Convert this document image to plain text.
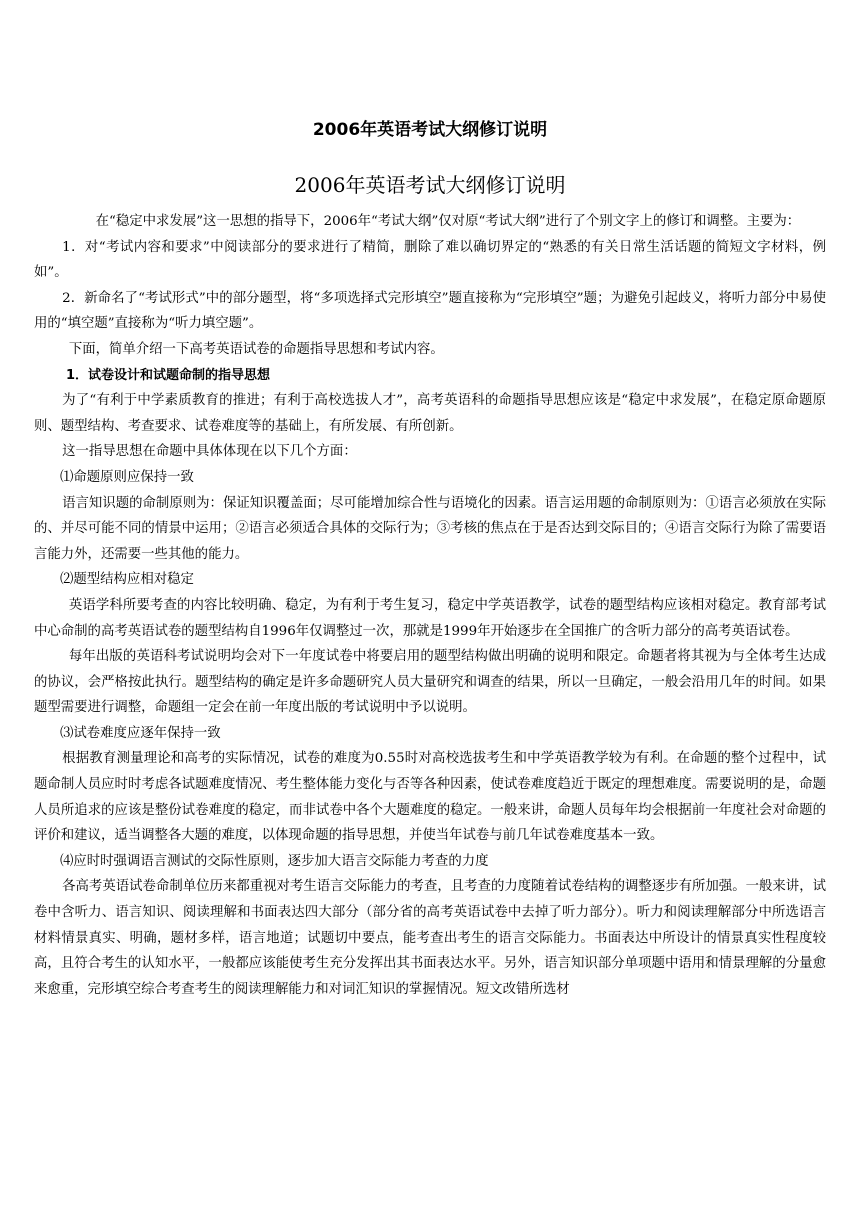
2006年英语考试大纲修订说明
2006年英语考试大纲修订说明

在“稳定中求发展”这一思想的指导下，2006年“考试大纲”仅对原“考试大纲”进行了个别文字上的修订和调整。主要为：

1．对“考试内容和要求”中阅读部分的要求进行了精简，删除了难以确切界定的“熟悉的有关日常生活话题的简短文字材料，例如”。

2．新命名了“考试形式”中的部分题型，将“多项选择式完形填空”题直接称为“完形填空”题；为避免引起歧义，将听力部分中易使用的“填空题”直接称为“听力填空题”。

下面，简单介绍一下高考英语试卷的命题指导思想和考试内容。

1．试卷设计和试题命制的指导思想

为了“有利于中学素质教育的推进；有利于高校选拔人才”，高考英语科的命题指导思想应该是“稳定中求发展”，在稳定原命题原则、题型结构、考查要求、试卷难度等的基础上，有所发展、有所创新。

这一指导思想在命题中具体体现在以下几个方面：

⑴命题原则应保持一致

语言知识题的命制原则为：保证知识覆盖面；尽可能增加综合性与语境化的因素。语言运用题的命制原则为：①语言必须放在实际的、并尽可能不同的情景中运用；②语言必须适合具体的交际行为；③考核的焦点在于是否达到交际目的；④语言交际行为除了需要语言能力外，还需要一些其他的能力。

⑵题型结构应相对稳定

英语学科所要考查的内容比较明确、稳定，为有利于考生复习，稳定中学英语教学，试卷的题型结构应该相对稳定。教育部考试中心命制的高考英语试卷的题型结构自1996年仅调整过一次，那就是1999年开始逐步在全国推广的含听力部分的高考英语试卷。

每年出版的英语科考试说明均会对下一年度试卷中将要启用的题型结构做出明确的说明和限定。命题者将其视为与全体考生达成的协议，会严格按此执行。题型结构的确定是许多命题研究人员大量研究和调查的结果，所以一旦确定，一般会沿用几年的时间。如果题型需要进行调整，命题组一定会在前一年度出版的考试说明中予以说明。

⑶试卷难度应逐年保持一致

根据教育测量理论和高考的实际情况，试卷的难度为0.55时对高校选拔考生和中学英语教学较为有利。在命题的整个过程中，试题命制人员应时时考虑各试题难度情况、考生整体能力变化与否等各种因素，使试卷难度趋近于既定的理想难度。需要说明的是，命题人员所追求的应该是整份试卷难度的稳定，而非试卷中各个大题难度的稳定。一般来讲，命题人员每年均会根据前一年度社会对命题的评价和建议，适当调整各大题的难度，以体现命题的指导思想，并使当年试卷与前几年试卷难度基本一致。

⑷应时时强调语言测试的交际性原则，逐步加大语言交际能力考查的力度

各高考英语试卷命制单位历来都重视对考生语言交际能力的考查，且考查的力度随着试卷结构的调整逐步有所加强。一般来讲，试卷中含听力、语言知识、阅读理解和书面表达四大部分（部分省的高考英语试卷中去掉了听力部分）。听力和阅读理解部分中所选语言材料情景真实、明确，题材多样，语言地道；试题切中要点，能考查出考生的语言交际能力。书面表达中所设计的情景真实性程度较高，且符合考生的认知水平，一般都应该能使考生充分发挥出其书面表达水平。另外，语言知识部分单项题中语用和情景理解的分量愈来愈重，完形填空综合考查考生的阅读理解能力和对词汇知识的掌握情况。短文改错所选材
